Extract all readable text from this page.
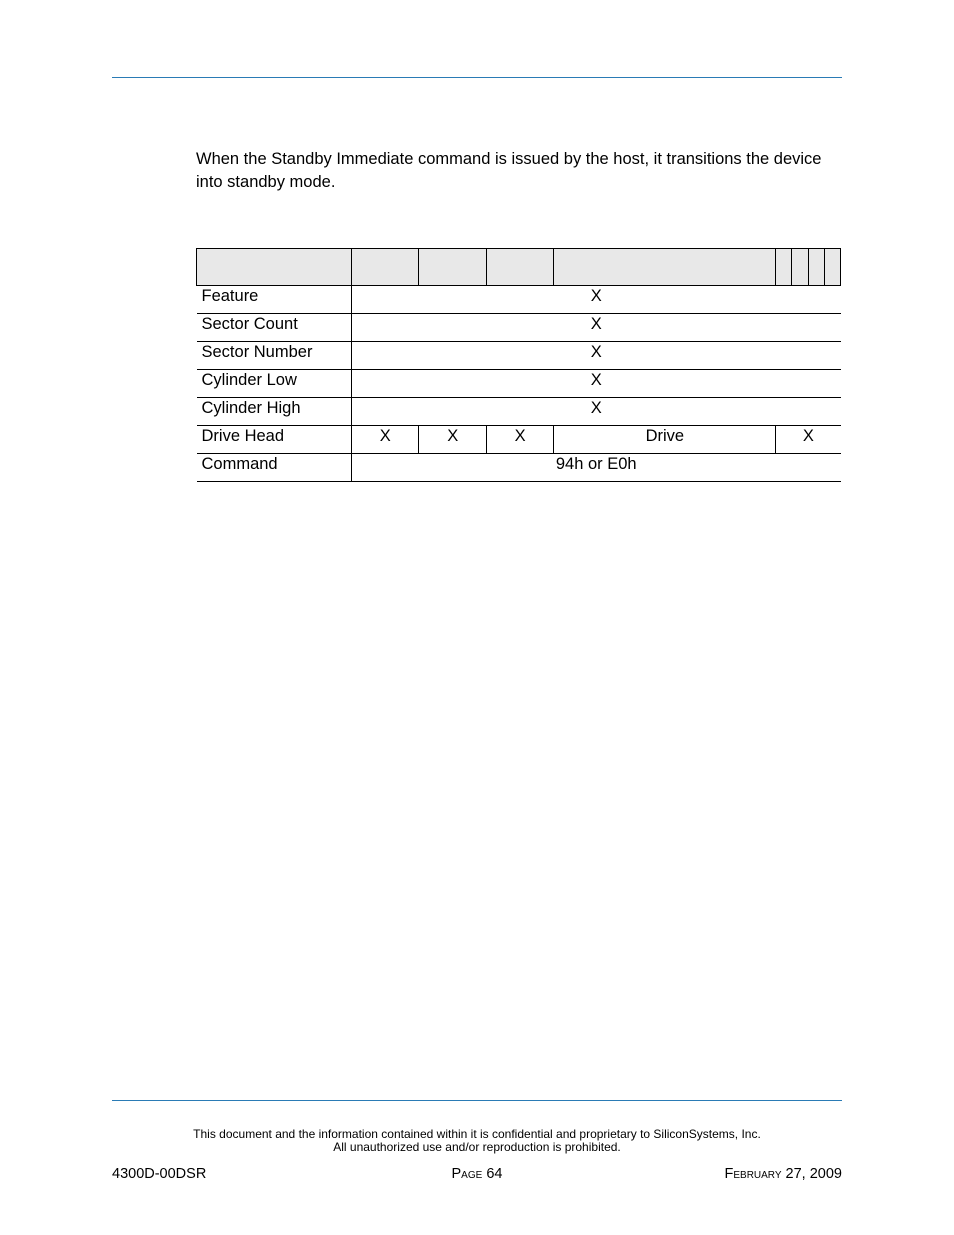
When the Standby Immediate command is issued by the host, it transitions the device into standby mode.

Feature	X							
Sector Count	X							
Sector Number	X							
Cylinder Low	X							
Cylinder High	X							
Drive Head	X	X	X	Drive	X			
Command	94h or E0h							
This document and the information contained within it is confidential and proprietary to SiliconSystems, Inc.
All unauthorized use and/or reproduction is prohibited.
4300D-00DSR	Page 64	February 27, 2009
